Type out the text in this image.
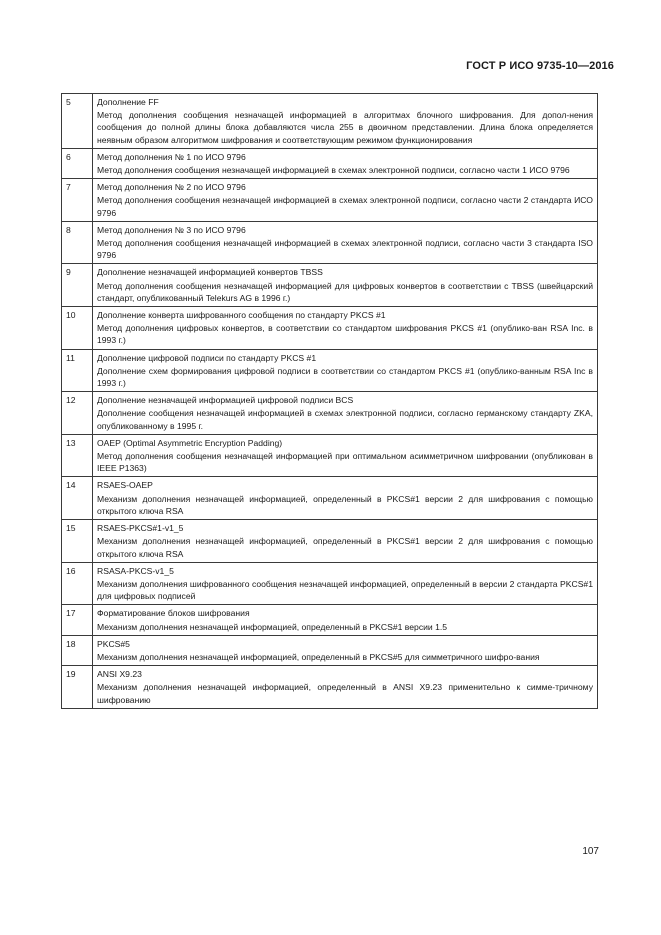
ГОСТ Р ИСО 9735-10—2016
5	Дополнение FF
Метод дополнения сообщения незначащей информацией в алгоритмах блочного шифрования. Для допол-нения сообщения до полной длины блока добавляются числа 255 в двоичном представлении. Длина блока определяется неявным образом алгоритмом шифрования и соответствующим режимом функционирования

6	Метод дополнения № 1 по ИСО 9796
Метод дополнения сообщения незначащей информацией в схемах электронной подписи, согласно части 1 ИСО 9796

7	Метод дополнения № 2 по ИСО 9796
Метод дополнения сообщения незначащей информацией в схемах электронной подписи, согласно части 2 стандарта ИСО 9796

8	Метод дополнения № 3 по ИСО 9796
Метод дополнения сообщения незначащей информацией в схемах электронной подписи, согласно части 3 стандарта ISO 9796

9	Дополнение незначащей информацией конвертов TBSS
Метод дополнения сообщения незначащей информацией для цифровых конвертов в соответствии с TBSS (швейцарский стандарт, опубликованный Telekurs AG в 1996 г.)

10	Дополнение конверта шифрованного сообщения по стандарту PKCS #1
Метод дополнения цифровых конвертов, в соответствии со стандартом шифрования PKCS #1 (опублико-ван RSA Inc. в 1993 г.)

11	Дополнение цифровой подписи по стандарту PKCS #1
Дополнение схем формирования цифровой подписи в соответствии со стандартом PKCS #1 (опублико-ванным RSA Inc в 1993 г.)

12	Дополнение незначащей информацией цифровой подписи BCS
Дополнение сообщения незначащей информацией в схемах электронной подписи, согласно германскому стандарту ZKA, опубликованному в 1995 г.

13	OAEP (Optimal Asymmetric Encryption Padding)
Метод дополнения сообщения незначащей информацией при оптимальном асимметричном шифровании (опубликован в IEEE P1363)

14	RSAES-OAEP
Механизм дополнения незначащей информацией, определенный в PKCS#1 версии 2 для шифрования с помощью открытого ключа RSA

15	RSAES-PKCS#1-v1_5
Механизм дополнения незначащей информацией, определенный в PKCS#1 версии 2 для шифрования с помощью открытого ключа RSA

16	RSASA-PKCS-v1_5
Механизм дополнения шифрованного сообщения незначащей информацией, определенный в версии 2 стандарта PKCS#1 для цифровых подписей

17	Форматирование блоков шифрования
Механизм дополнения незначащей информацией, определенный в PKCS#1 версии 1.5

18	PKCS#5
Механизм дополнения незначащей информацией, определенный в PKCS#5 для симметричного шифро-вания

19	ANSI X9.23
Механизм дополнения незначащей информацией, определенный в ANSI X9.23 применительно к симме-тричному шифрованию
107
